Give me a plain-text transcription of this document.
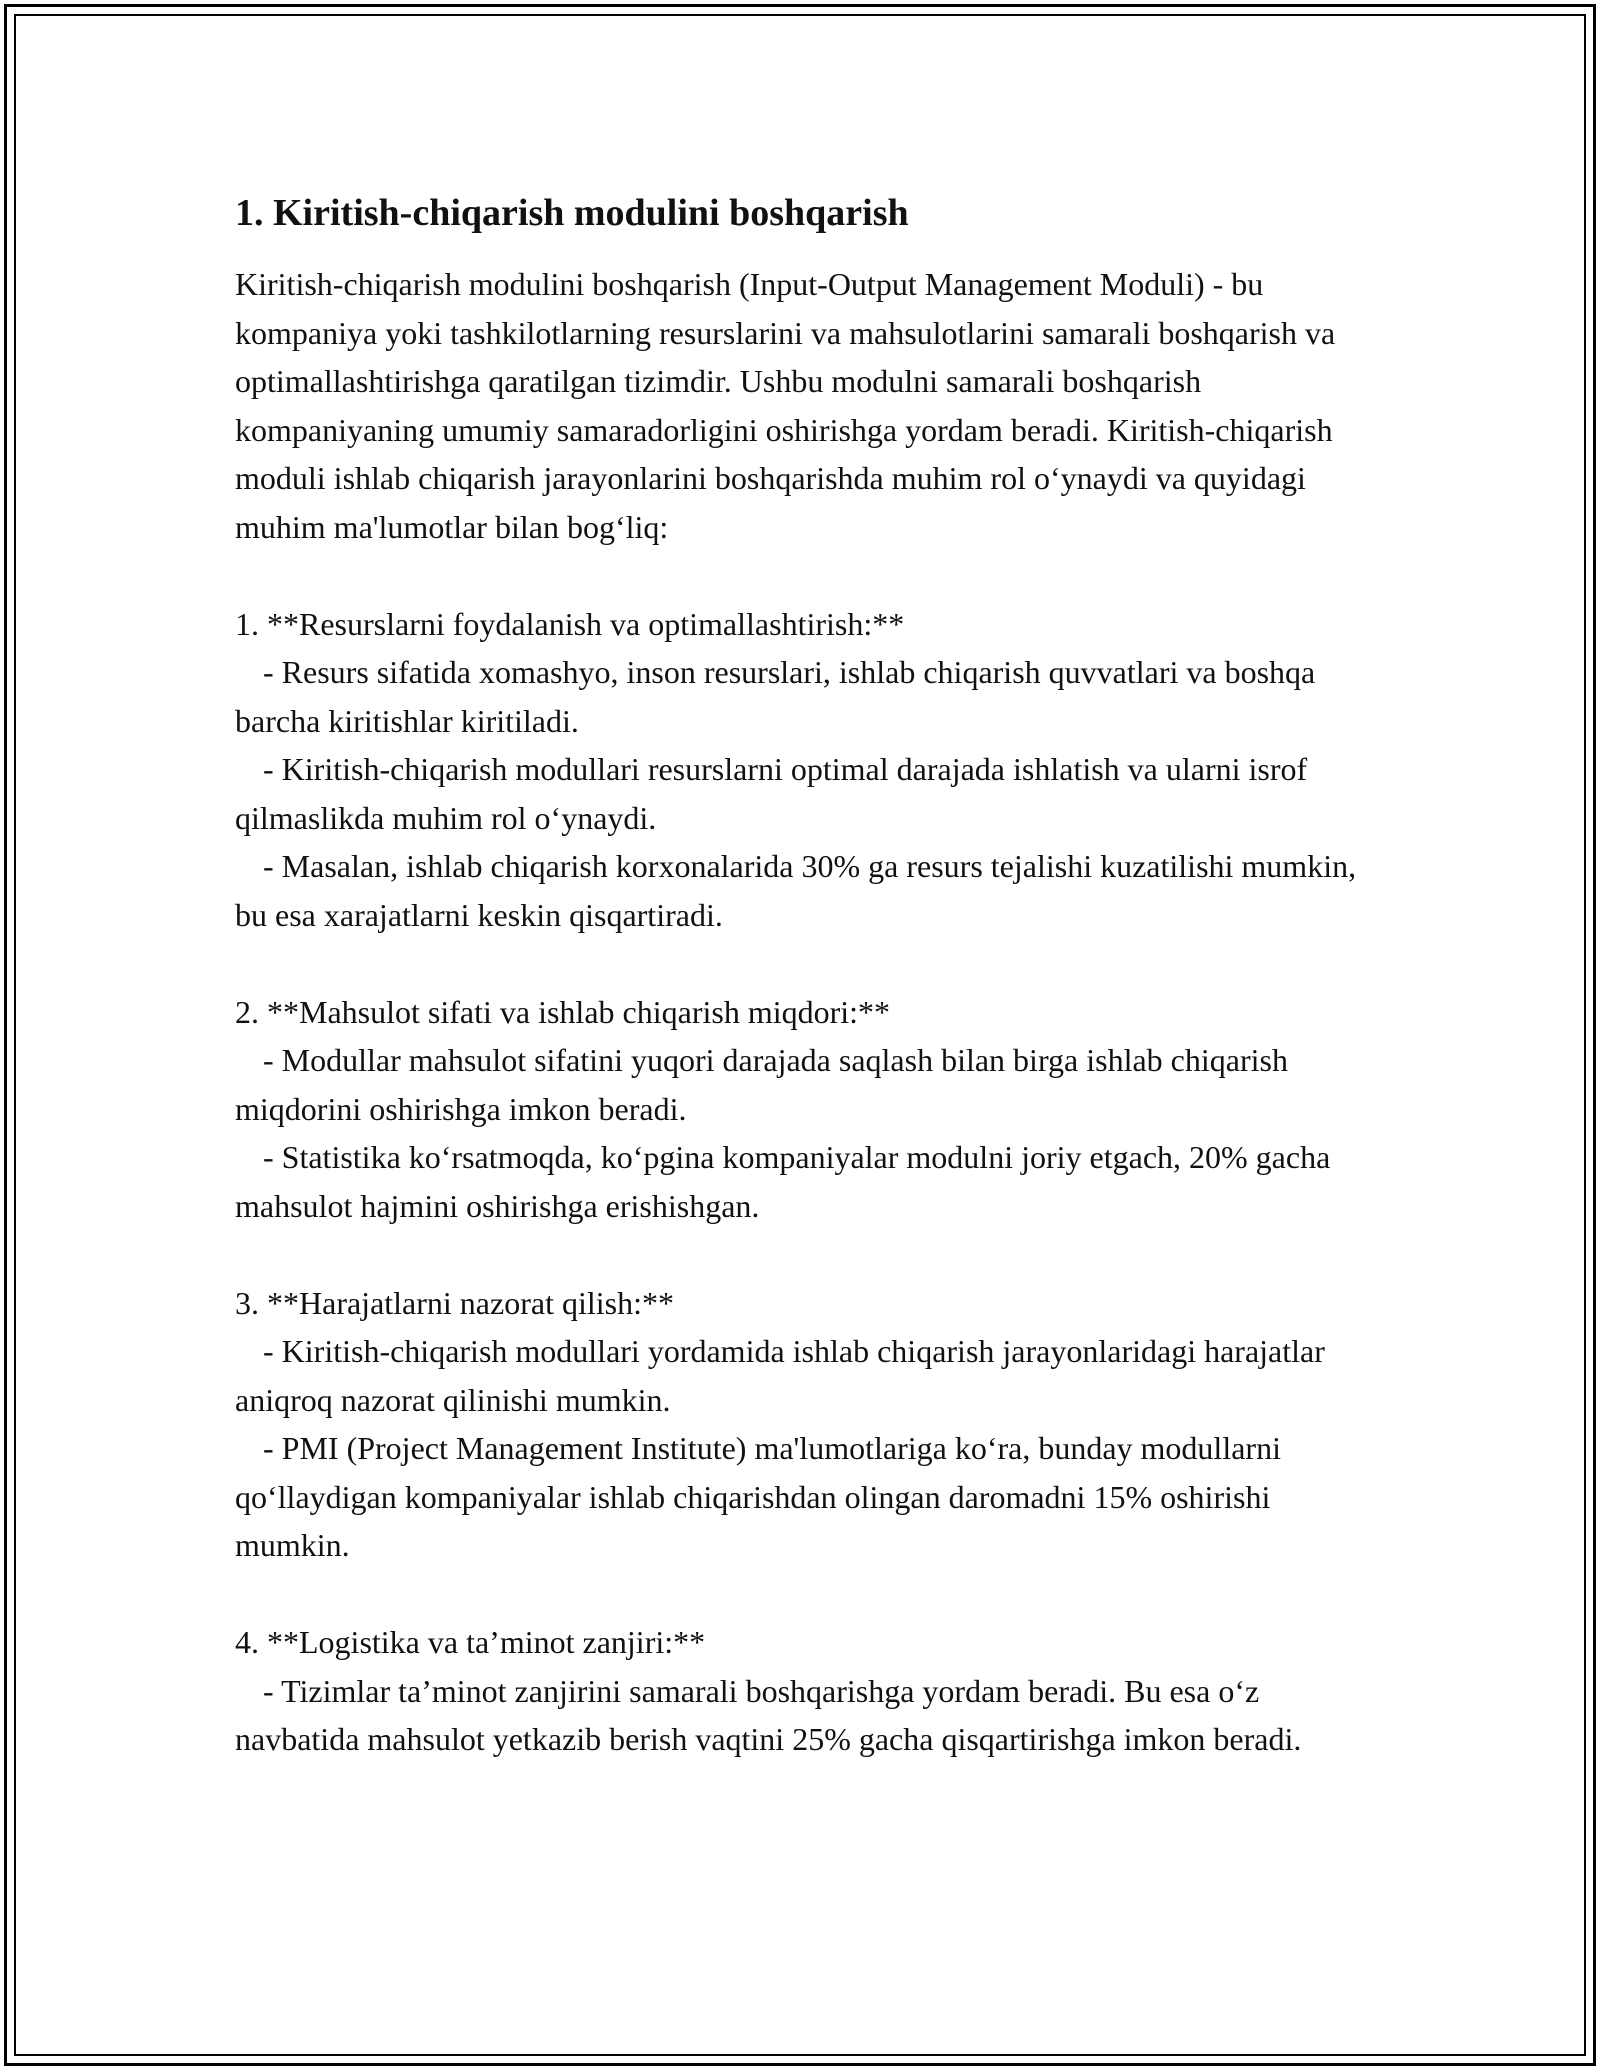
1. Kiritish-chiqarish modulini boshqarish

Kiritish-chiqarish modulini boshqarish (Input-Output Management Moduli) - bu kompaniya yoki tashkilotlarning resurslarini va mahsulotlarini samarali boshqarish va optimallashtirishga qaratilgan tizimdir. Ushbu modulni samarali boshqarish kompaniyaning umumiy samaradorligini oshirishga yordam beradi. Kiritish-chiqarish moduli ishlab chiqarish jarayonlarini boshqarishda muhim rol o‘ynaydi va quyidagi muhim ma'lumotlar bilan bog‘liq:

1. **Resurslarni foydalanish va optimallashtirish:**

- Resurs sifatida xomashyo, inson resurslari, ishlab chiqarish quvvatlari va boshqa barcha kiritishlar kiritiladi.

- Kiritish-chiqarish modullari resurslarni optimal darajada ishlatish va ularni isrof qilmaslikda muhim rol o‘ynaydi.

- Masalan, ishlab chiqarish korxonalarida 30% ga resurs tejalishi kuzatilishi mumkin, bu esa xarajatlarni keskin qisqartiradi.

2. **Mahsulot sifati va ishlab chiqarish miqdori:**

- Modullar mahsulot sifatini yuqori darajada saqlash bilan birga ishlab chiqarish miqdorini oshirishga imkon beradi.

- Statistika ko‘rsatmoqda, ko‘pgina kompaniyalar modulni joriy etgach, 20% gacha mahsulot hajmini oshirishga erishishgan.

3. **Harajatlarni nazorat qilish:**

- Kiritish-chiqarish modullari yordamida ishlab chiqarish jarayonlaridagi harajatlar aniqroq nazorat qilinishi mumkin.

- PMI (Project Management Institute) ma'lumotlariga ko‘ra, bunday modullarni qo‘llaydigan kompaniyalar ishlab chiqarishdan olingan daromadni 15% oshirishi mumkin.

4. **Logistika va ta’minot zanjiri:**

- Tizimlar ta’minot zanjirini samarali boshqarishga yordam beradi. Bu esa o‘z navbatida mahsulot yetkazib berish vaqtini 25% gacha qisqartirishga imkon beradi.
